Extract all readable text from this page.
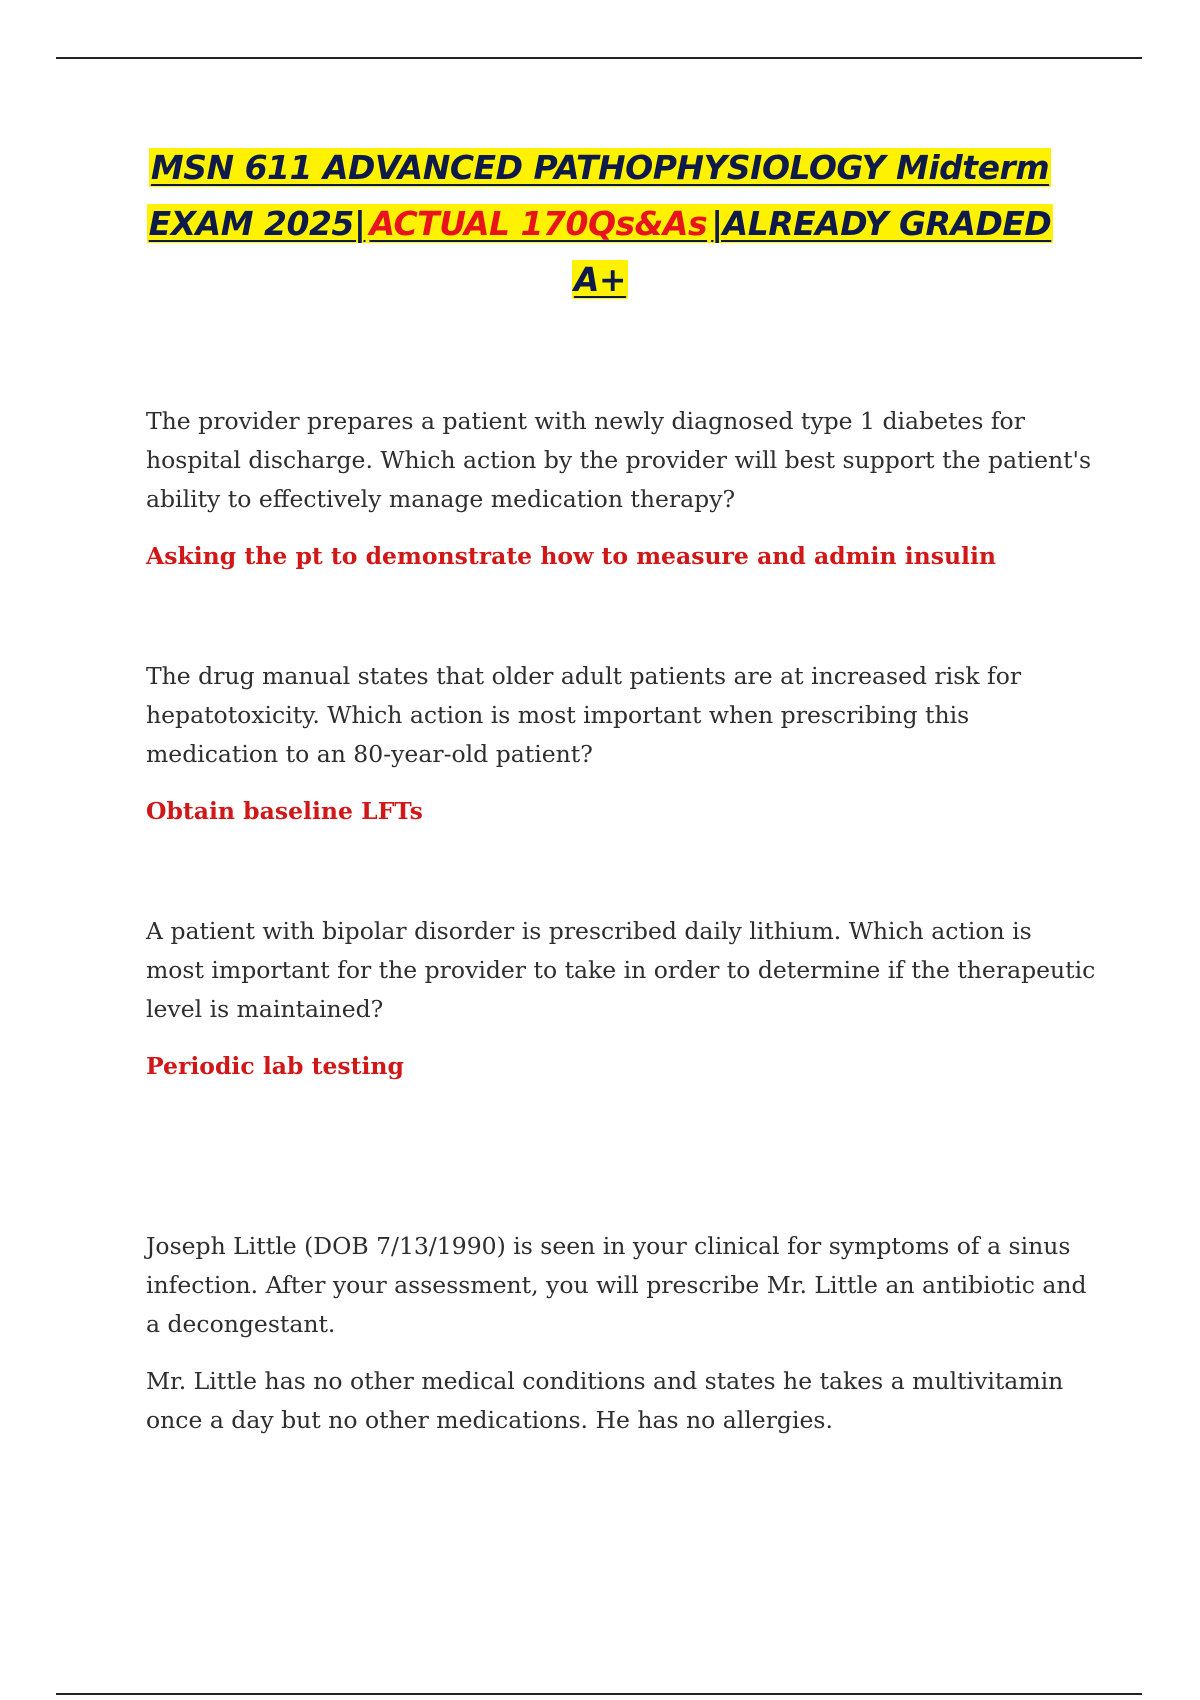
MSN 611 ADVANCED PATHOPHYSIOLOGY Midterm
EXAM 2025| ACTUAL 170Qs&As |ALREADY GRADED
A+

The provider prepares a patient with newly diagnosed type 1 diabetes for hospital discharge. Which action by the provider will best support the patient's ability to effectively manage medication therapy?

Asking the pt to demonstrate how to measure and admin insulin

The drug manual states that older adult patients are at increased risk for hepatotoxicity. Which action is most important when prescribing this medication to an 80-year-old patient?

Obtain baseline LFTs

A patient with bipolar disorder is prescribed daily lithium. Which action is most important for the provider to take in order to determine if the therapeutic level is maintained?

Periodic lab testing

Joseph Little (DOB 7/13/1990) is seen in your clinical for symptoms of a sinus infection. After your assessment, you will prescribe Mr. Little an antibiotic and a decongestant.

Mr. Little has no other medical conditions and states he takes a multivitamin once a day but no other medications. He has no allergies.
